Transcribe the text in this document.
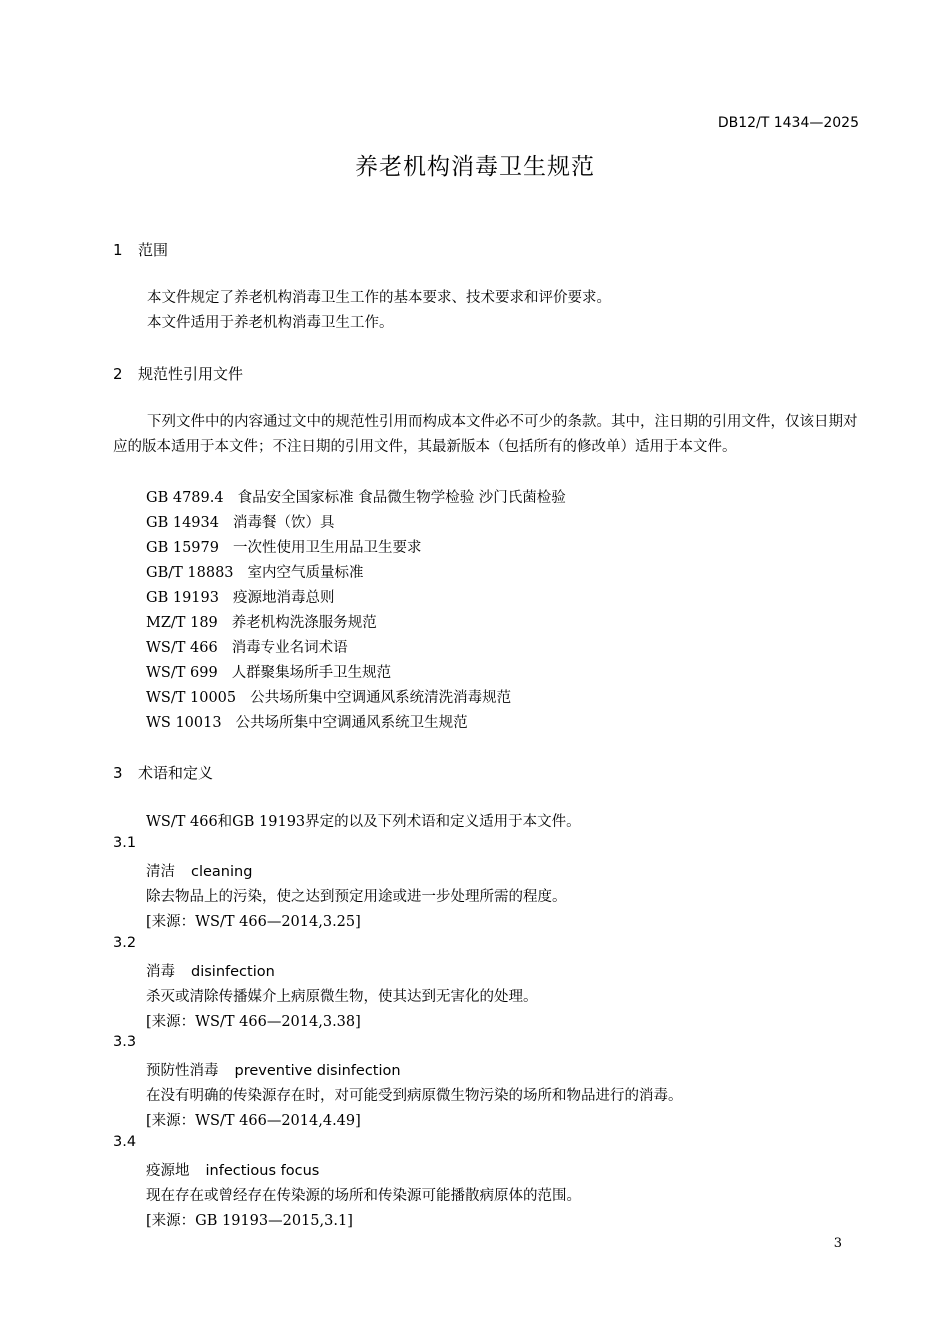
DB12/T 1434—2025
养老机构消毒卫生规范
1 范围
本文件规定了养老机构消毒卫生工作的基本要求、技术要求和评价要求。
本文件适用于养老机构消毒卫生工作。
2 规范性引用文件
下列文件中的内容通过文中的规范性引用而构成本文件必不可少的条款。其中，注日期的引用文件，仅该日期对应的版本适用于本文件；不注日期的引用文件，其最新版本（包括所有的修改单）适用于本文件。
GB 4789.4 食品安全国家标准 食品微生物学检验 沙门氏菌检验
GB 14934 消毒餐（饮）具
GB 15979 一次性使用卫生用品卫生要求
GB/T 18883 室内空气质量标准
GB 19193 疫源地消毒总则
MZ/T 189 养老机构洗涤服务规范
WS/T 466 消毒专业名词术语
WS/T 699 人群聚集场所手卫生规范
WS/T 10005 公共场所集中空调通风系统清洗消毒规范
WS 10013 公共场所集中空调通风系统卫生规范
3 术语和定义
WS/T 466和GB 19193界定的以及下列术语和定义适用于本文件。
3.1
清洁 cleaning
除去物品上的污染，使之达到预定用途或进一步处理所需的程度。
[来源：WS/T 466—2014,3.25]
3.2
消毒 disinfection
杀灭或清除传播媒介上病原微生物，使其达到无害化的处理。
[来源：WS/T 466—2014,3.38]
3.3
预防性消毒 preventive disinfection
在没有明确的传染源存在时，对可能受到病原微生物污染的场所和物品进行的消毒。
[来源：WS/T 466—2014,4.49]
3.4
疫源地 infectious focus
现在存在或曾经存在传染源的场所和传染源可能播散病原体的范围。
[来源：GB 19193—2015,3.1]
3
